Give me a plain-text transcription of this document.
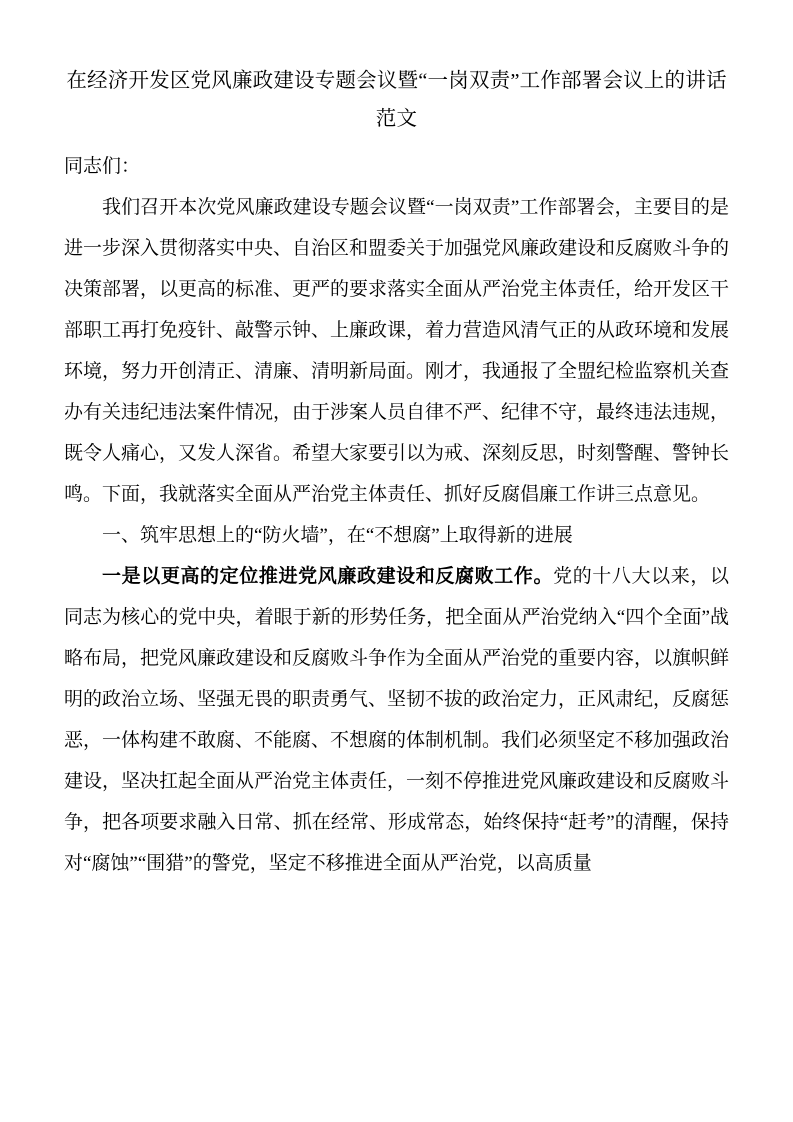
在经济开发区党风廉政建设专题会议暨“一岗双责”工作部署会议上的讲话范文

同志们：

我们召开本次党风廉政建设专题会议暨“一岗双责”工作部署会，主要目的是进一步深入贯彻落实中央、自治区和盟委关于加强党风廉政建设和反腐败斗争的决策部署，以更高的标准、更严的要求落实全面从严治党主体责任，给开发区干部职工再打免疫针、敲警示钟、上廉政课，着力营造风清气正的从政环境和发展环境，努力开创清正、清廉、清明新局面。刚才，我通报了全盟纪检监察机关查办有关违纪违法案件情况，由于涉案人员自律不严、纪律不守，最终违法违规，既令人痛心，又发人深省。希望大家要引以为戒、深刻反思，时刻警醒、警钟长鸣。下面，我就落实全面从严治党主体责任、抓好反腐倡廉工作讲三点意见。

一、筑牢思想上的“防火墙”，在“不想腐”上取得新的进展

一是以更高的定位推进党风廉政建设和反腐败工作。党的十八大以来，以同志为核心的党中央，着眼于新的形势任务，把全面从严治党纳入“四个全面”战略布局，把党风廉政建设和反腐败斗争作为全面从严治党的重要内容，以旗帜鲜明的政治立场、坚强无畏的职责勇气、坚韧不拔的政治定力，正风肃纪，反腐惩恶，一体构建不敢腐、不能腐、不想腐的体制机制。我们必须坚定不移加强政治建设，坚决扛起全面从严治党主体责任，一刻不停推进党风廉政建设和反腐败斗争，把各项要求融入日常、抓在经常、形成常态，始终保持“赶考”的清醒，保持对“腐蚀”“围猎”的警党，坚定不移推进全面从严治党，以高质量
